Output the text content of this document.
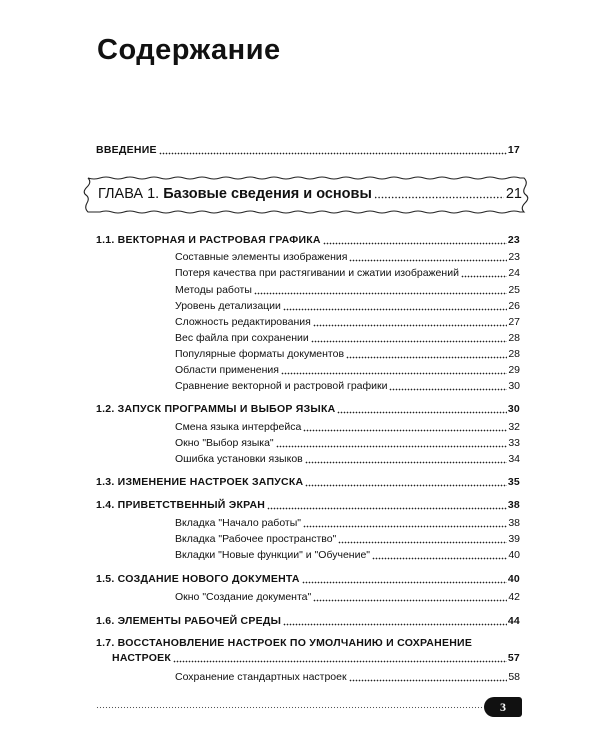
Содержание
ВВЕДЕНИЕ	17
ГЛАВА 1. Базовые сведения и основы	21
1.1. ВЕКТОРНАЯ И РАСТРОВАЯ ГРАФИКА	23
Составные элементы изображения	23
Потеря качества при растягивании и сжатии изображений	24
Методы работы	25
Уровень детализации	26
Сложность редактирования	27
Вес файла при сохранении	28
Популярные форматы документов	28
Области применения	29
Сравнение векторной и растровой графики	30
1.2. ЗАПУСК ПРОГРАММЫ И ВЫБОР ЯЗЫКА	30
Смена языка интерфейса	32
Окно "Выбор языка"	33
Ошибка установки языков	34
1.3. ИЗМЕНЕНИЕ НАСТРОЕК ЗАПУСКА	35
1.4. ПРИВЕТСТВЕННЫЙ ЭКРАН	38
Вкладка "Начало работы"	38
Вкладка "Рабочее пространство"	39
Вкладки "Новые функции" и "Обучение"	40
1.5. СОЗДАНИЕ НОВОГО ДОКУМЕНТА	40
Окно "Создание документа"	42
1.6. ЭЛЕМЕНТЫ РАБОЧЕЙ СРЕДЫ	44
1.7. ВОССТАНОВЛЕНИЕ НАСТРОЕК ПО УМОЛЧАНИЮ И СОХРАНЕНИЕ
НАСТРОЕК	57
Сохранение стандартных настроек	58
3
